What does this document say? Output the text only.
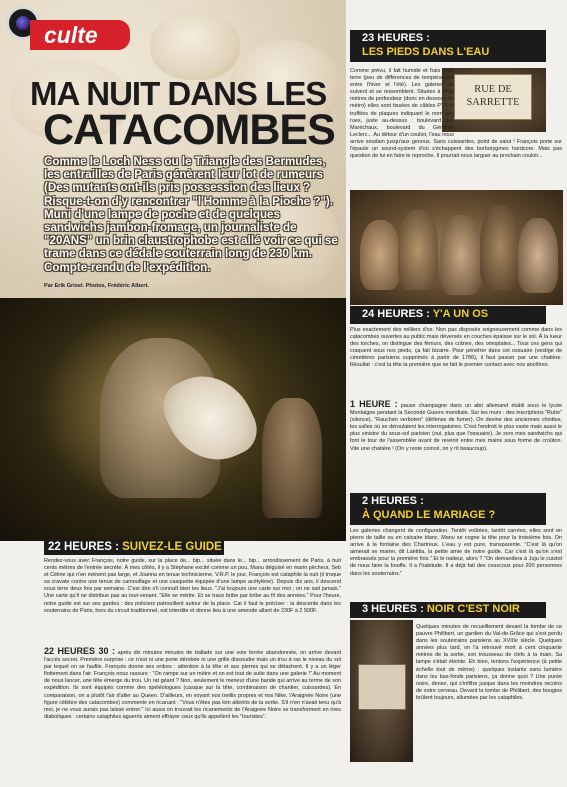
culte
MA NUIT DANS LES
CATACOMBES
Comme le Loch Ness ou le Triangle des Bermudes, les entrailles de Paris génèrent leur lot de rumeurs (Des mutants ont-ils pris possession des lieux ? Risque-t-on d'y rencontrer "l'Homme à la Pioche ?"). Muni d'une lampe de poche et de quelques sandwichs jambon-fromage, un journaliste de "20ANS" un brin claustrophobe est allé voir ce qui se trame dans ce dédale souterrain long de 230 km. Compte-rendu de l'expédition.
Par Erik Grisel. Photos, Frédéric Albert.
22 HEURES : SUIVEZ-LE GUIDE
Rendez-vous avec François, notre guide, sur la place de... bip... située dans le... bip... arrondissement de Paris, à huit cents mètres de l'entrée secrète. À mes côtés, il y a Stéphane excité comme un pou, Manu déguisé en marin pêcheur, Seb et Céline qui n'en mènent pas large, et Joanna en tenue technicienne. V.R.P. le jour, François est cataphile la nuit (il troque sa cravate contre une tenue de camouflage et une casquette équipée d'une lampe acétylène). Depuis dix ans, il descend sous terre deux fois par semaine. C'est dire s'il connaît bien les lieux. "J'ai toujours une carte sur moi ; on ne sait jamais." Une carte qu'il ne distribue pas au tout-venant. "Elle se mérite. Et se trace bribe par bribe au fil des années." Pour l'heure, notre guide est sur ses gardes : des policiers patrouillent autour de la place. Car il faut le préciser : la descente dans les souterrains de Paris, hors du circuit traditionnel, est interdite et donne lieu à une amende allant de 230F à 2 500F.
22 HEURES 30 : après dix minutes minutes de ballade sur une voie ferrée abandonnée, on arrive devant l'accès secret. Première surprise : ce n'est ni une porte dérobée ni une grille dissoudre mais un trou à ras le niveau du sol par lequel on se faufile. François donne ses ordres : attention à la tête et aux pierres qui se détachent. Il y a un léger flottement dans l'air. François nous rassure : "On rampe sur un mètre et on est tout de suite dans une galerie !" Au moment de nous lancer, une tête émerge du trou. Un rat géant ? Non, seulement le meneur d'une bande qui arrive au terme de son expédition. Ils sont équipés comme des spéléologues (casque sur la tête, combinaison de chantier, cuissardes). En comparaison, on a plutôt l'air d'aller au Queen. D'ailleurs, en voyant nos treillis propres et nos Nike, l'Araignée Noire (une figure célèbre des catacombes) commente en ricanant : "Vous n'êtes pas loin atteints de la sortie. S'il n'en n'avait tenu qu'à moi, je ne vous aurais pas laissé entrer." Ici aussi on trouvait les ricanements de l'Araignée Noire se transforment en rires diaboliques : certains cataphiles aguerris aiment effrayer ceux qu'ils appellent les "touristes".
23 HEURES :
LES PIEDS DANS L'EAU
RUE DE
SARRETTE
Comme prévu, il fait humide et frais sous terre (peu de différences de températures entre l'hiver et l'été). Les galeries se suivent et se ressemblent. Situées à vingt mètres de profondeur (donc en dessous du métro) elles sont tissées de câbles PTT et truffées de plaques indiquant le nom des rues, juste au-dessus : boulevard des Maréchaux, boulevard du Général-Leclerc... Au détour d'un couloir, l'eau nous arrive soudain jusqu'aux genoux. Sans cuissardes, point de salut ! François porte sur l'épaule un sound-system d'où s'échappent des borborygmes hardcore. Mais pas question de lui en faire le reproche. Il pourrait nous larguer au prochain couloir...
24 HEURES : Y'A UN OS
Plus exactement des milliers d'os. Non pas disposés soigneusement comme dans les catacombes ouvertes au public mais déversés en couches épaisse sur le sol. À la lueur des torches, on distingue des fémurs, des crânes, des omoplates... Tous ces gens qui craquent sous nos pieds, ça fait bizarre. Pour pénétrer dans cet ossuaire (vestige de cimetières parisiens supprimés à partir de 1786), il faut passer par une chatière. Résultat : c'est la tête la première que se fait le premier contact avec nos ancêtres.
1 HEURE : pause champagne dans un abri allemand établi sous le lycée Montaigne pendant la Seconde Guerre mondiale. Sur les murs : des inscriptions "Ruhe" (silence), "Rauchen verboten" (défense de fumer). On devine des anciennes chiottes, les salles où se déroulaient les interrogatoires. C'est l'endroit le plus vaste mais aussi le plus sinistre du sous-sol parisien (oui, plus que l'ossuaire). Je sors mes sandwichs qui font le tour de l'assemblée avant de revenir entre mes mains sous forme de croûton. Vite une chatière ! (On y reste coincé, on y rit beaucoup).
2 HEURES :
À QUAND LE MARIAGE ?
Les galeries changent de configuration. Tantôt voûtées, tantôt carrées, elles sont en pierre de taille ou en calcaire blanc. Manu se cogne la tête pour la troisième fois. On arrive à la fontaine des Chartreux. L'eau y est pure, transparente. "C'est là qu'on aimerait se marier, dit Laëtitia, la petite amie de notre guide. Car c'est là qu'on s'est embrassés pour la première fois." Et le traiteur, alors ? "On demandera à Juju le cuistot de nous faire la bouffe. Il a l'habitude. Il a déjà fait des couscous pour 200 personnes dans les souterrains."
3 HEURES : NOIR C'EST NOIR
Quelques minutes de recueillement devant la tombe de ce pauvre Philibert, un gardien du Val-de-Grâce qui s'est perdu dans les souterrains parisiens au XVIIIe siècle. Quelques années plus tard, on l'a retrouvé mort à cent cinquante mètres de la sortie, son trousseau de clefs à la main. Sa lampe s'était éteinte. Eh bien, tentons l'expérience (à petite échelle tout de même) : quelques instants sans lumière dans les bas-fonds parisiens, ça donne quoi ? Une purée noire, dense, qui s'infiltre jusque dans les moindres recoins de votre cerveau. Devant la tombe de Philibert, des bougies brûlent toujours, allumées par les cataphiles.
